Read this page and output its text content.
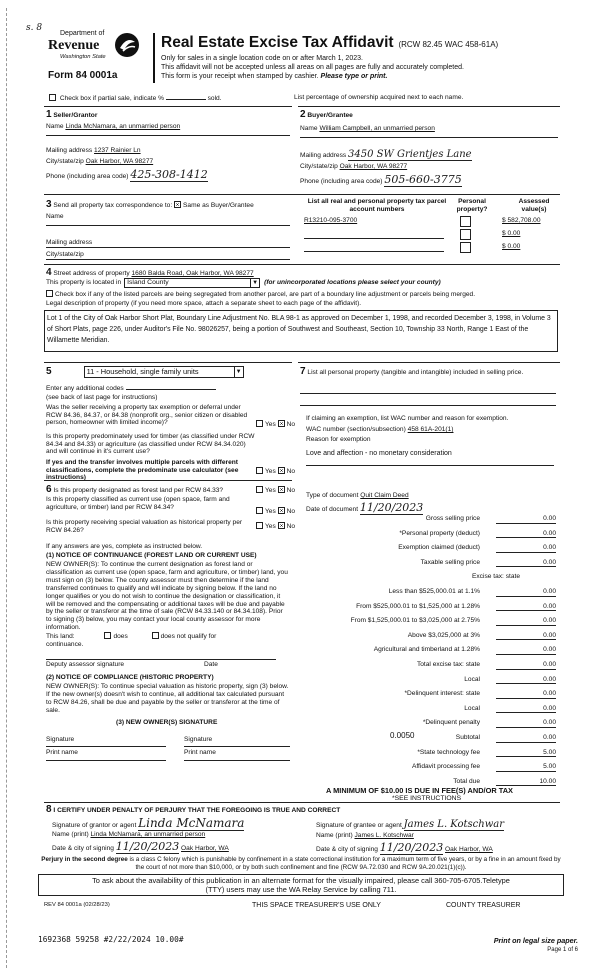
s. 8
Department of
Revenue
Washington State
Form 84 0001a
Real Estate Excise Tax Affidavit (RCW 82.45 WAC 458-61A)
Only for sales in a single location code on or after March 1, 2023.
This affidavit will not be accepted unless all areas on all pages are fully and accurately completed.
This form is your receipt when stamped by cashier. Please type or print.
Check box if partial sale, indicate %	sold.	List percentage of ownership acquired next to each name.
1 Seller/Grantor
Name Linda McNamara, an unmarried person
Mailing address 1237 Rainier Ln
City/state/zip Oak Harbor, WA 98277
Phone (including area code) 425-308-1412
2 Buyer/Grantee
Name William Campbell, an unmarried person
Mailing address 3450 SW Grientjes Lane
City/state/zip Oak Harbor, WA 98277
Phone (including area code) 505-660-3775
3 Send all property tax correspondence to: Same as Buyer/Grantee
Name
Mailing address
City/state/zip
List all real and personal property tax parcel account numbers
Personal property?
Assessed value(s)
R13210-095-3700	$ 582,708.00
$ 0.00
$ 0.00
4 Street address of property 1680 Balda Road, Oak Harbor, WA 98277
This property is located in Island County	▼ (for unincorporated locations please select your county)
Check box if any of the listed parcels are being segregated from another parcel, are part of a boundary line adjustment or parcels being merged.
Legal description of property (if you need more space, attach a separate sheet to each page of the affidavit).
Lot 1 of the City of Oak Harbor Short Plat, Boundary Line Adjustment No. BLA 98-1 as approved on December 1, 1998, and recorded December 3, 1998, in Volume 3 of Short Plats, page 226, under Auditor's File No. 98026257, being a portion of Southwest and Southeast, Section 10, Township 33 North, Range 1 East of the Willamette Meridian.
5	11 - Household, single family units	▼
Enter any additional codes
(see back of last page for instructions)
Was the seller receiving a property tax exemption or deferral under RCW 84.36, 84.37, or 84.38 (nonprofit org., senior citizen or disabled person, homeowner with limited income)?	Yes No
Is this property predominately used for timber (as classified under RCW 84.34 and 84.33) or agriculture (as classified under RCW 84.34.020) and will continue in it's current use?
If yes and the transfer involves multiple parcels with different classifications, complete the predominate use calculator (see instructions)
Yes No
6 Is this property designated as forest land per RCW 84.33?	Yes No
Is this property classified as current use (open space, farm and agriculture, or timber) land per RCW 84.34?
Yes No
Is this property receiving special valuation as historical property per RCW 84.26?
Yes No
If any answers are yes, complete as instructed below.
(1) NOTICE OF CONTINUANCE (FOREST LAND OR CURRENT USE)
NEW OWNER(S): To continue the current designation as forest land or classification as current use (open space, farm and agriculture, or timber) land, you must sign on (3) below. The county assessor must then determine if the land transferred continues to qualify and will indicate by signing below. If the land no longer qualifies or you do not wish to continue the designation or classification, it will be removed and the compensating or additional taxes will be due and payable by the seller or transferor at the time of sale (RCW 84.33.140 or 84.34.108). Prior to signing (3) below, you may contact your local county assessor for more information.
This land:	does	does not qualify for
continuance.
Deputy assessor signature	Date
(2) NOTICE OF COMPLIANCE (HISTORIC PROPERTY)
NEW OWNER(S): To continue special valuation as historic property, sign (3) below. If the new owner(s) doesn't wish to continue, all additional tax calculated pursuant to RCW 84.26, shall be due and payable by the seller or transferor at the time of sale.
(3) NEW OWNER(S) SIGNATURE
Signature	Signature
Print name	Print name
7 List all personal property (tangible and intangible) included in selling price.
If claiming an exemption, list WAC number and reason for exemption.
WAC number (section/subsection) 458 61A-201(1)
Reason for exemption
Love and affection - no monetary consideration
Type of document Quit Claim Deed
Date of document 11/20/2023
Gross selling price	0.00
*Personal property (deduct)	0.00
Exemption claimed (deduct)	0.00
Taxable selling price	0.00
Excise tax: state
Less than $525,000.01 at 1.1%	0.00
From $525,000.01 to $1,525,000 at 1.28%	0.00
From $1,525,000.01 to $3,025,000 at 2.75%	0.00
Above $3,025,000 at 3%	0.00
Agricultural and timberland at 1.28%	0.00
Total excise tax: state	0.00
Local	0.00
*Delinquent interest: state	0.00
Local	0.00
*Delinquent penalty	0.00
Subtotal	0.00
*State technology fee	5.00
Affidavit processing fee	5.00
Total due	10.00
0.0050
A MINIMUM OF $10.00 IS DUE IN FEE(S) AND/OR TAX
*SEE INSTRUCTIONS
8 I CERTIFY UNDER PENALTY OF PERJURY THAT THE FOREGOING IS TRUE AND CORRECT
Signature of grantor or agent Linda McNamara
Name (print) Linda McNamara, an unmarried person
Date & city of signing 11/20/2023 Oak Harbor, WA
Signature of grantee or agent James L. Kotschwar
Name (print) James L. Kotschwar
Date & city of signing 11/20/2023 Oak Harbor, WA
Perjury in the second degree is a class C felony which is punishable by confinement in a state correctional institution for a maximum term of five years, or by a fine in an amount fixed by the court of not more than $10,000, or by both such confinement and fine (RCW 9A.72.030 and RCW 9A.20.021(1)(c)).
To ask about the availability of this publication in an alternate format for the visually impaired, please call 360-705-6705.Teletype
(TTY) users may use the WA Relay Service by calling 711.
REV 84 0001a (02/28/23)	THIS SPACE TREASURER'S USE ONLY	COUNTY TREASURER
1692368 59258 #2/22/2024 10.00#	Print on legal size paper.
Page 1 of 6
